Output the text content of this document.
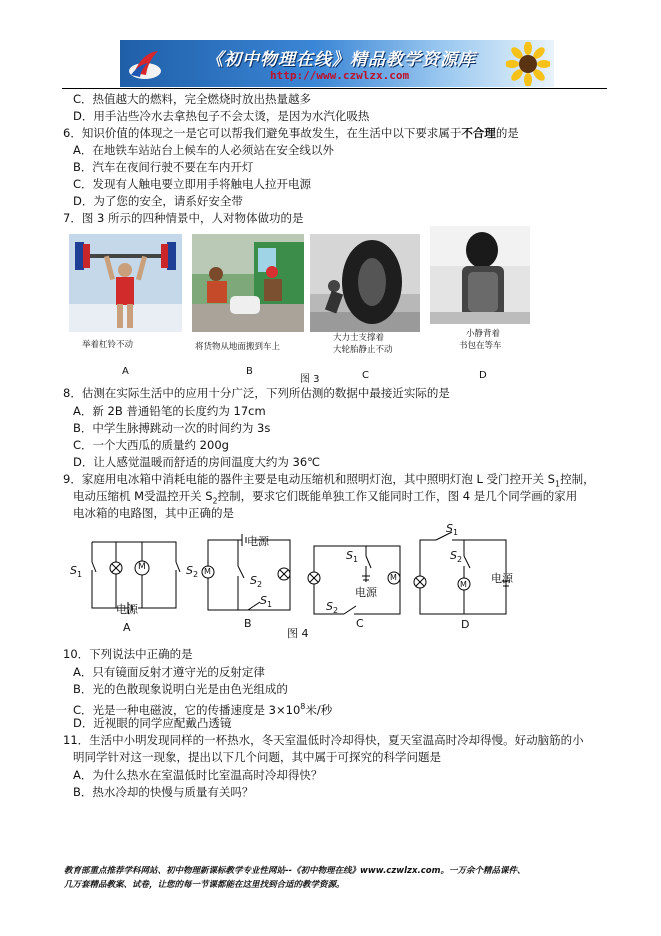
《初中物理在线》精品教学资源库
http://www.czwlzx.com
C．热值越大的燃料，完全燃烧时放出热量越多
D．用手沾些冷水去拿热包子不会太烫，是因为水汽化吸热
6．知识价值的体现之一是它可以帮我们避免事故发生，在生活中以下要求属于不合理的是
A．在地铁车站站台上候车的人必须站在安全线以外
B．汽车在夜间行驶不要在车内开灯
C．发现有人触电要立即用手将触电人拉开电源
D．为了您的安全，请系好安全带
7．图 3 所示的四种情景中，人对物体做功的是
举着杠铃不动	将货物从地面搬到车上
大力士支撑着
大轮胎静止不动
小静背着
书包在等车
A	B
图 3	C	D
8．估测在实际生活中的应用十分广泛，下列所估测的数据中最接近实际的是
A．新 2B 普通铅笔的长度约为 17cm
B．中学生脉搏跳动一次的时间约为 3s
C．一个大西瓜的质量约 200g
D．让人感觉温暖而舒适的房间温度大约为 36℃
9．家庭用电冰箱中消耗电能的器件主要是电动压缩机和照明灯泡，其中照明灯泡 L 受门控开关 $S_1$控制，
电动压缩机 M受温控开关 $S_2$控制，要求它们既能单独工作又能同时工作，图 4 是几个同学画的家用
电冰箱的电路图，其中正确的是
M
$S_1$	$S_2$
电源
A
M
电源
$S_2$
$S_1$
B
图 4
M
$S_1$
电源
$S_2$
C
M
$S_1$
$S_2$
电源
D
10．下列说法中正确的是
A．只有镜面反射才遵守光的反射定律
B．光的色散现象说明白光是由色光组成的
C．光是一种电磁波，它的传播速度是 $3\times 10^8$米/秒
D．近视眼的同学应配戴凸透镜
11．生活中小明发现同样的一杯热水，冬天室温低时冷却得快，夏天室温高时冷却得慢。好动脑筋的小
明同学针对这一现象，提出以下几个问题，其中属于可探究的科学问题是
A．为什么热水在室温低时比室温高时冷却得快？
B．热水冷却的快慢与质量有关吗？
教育部重点推荐学科网站、初中物理新课标教学专业性网站--《初中物理在线》www.czwlzx.com。一万余个精品课件、
几万套精品教案、试卷，让您的每一节课都能在这里找到合适的教学资源。
